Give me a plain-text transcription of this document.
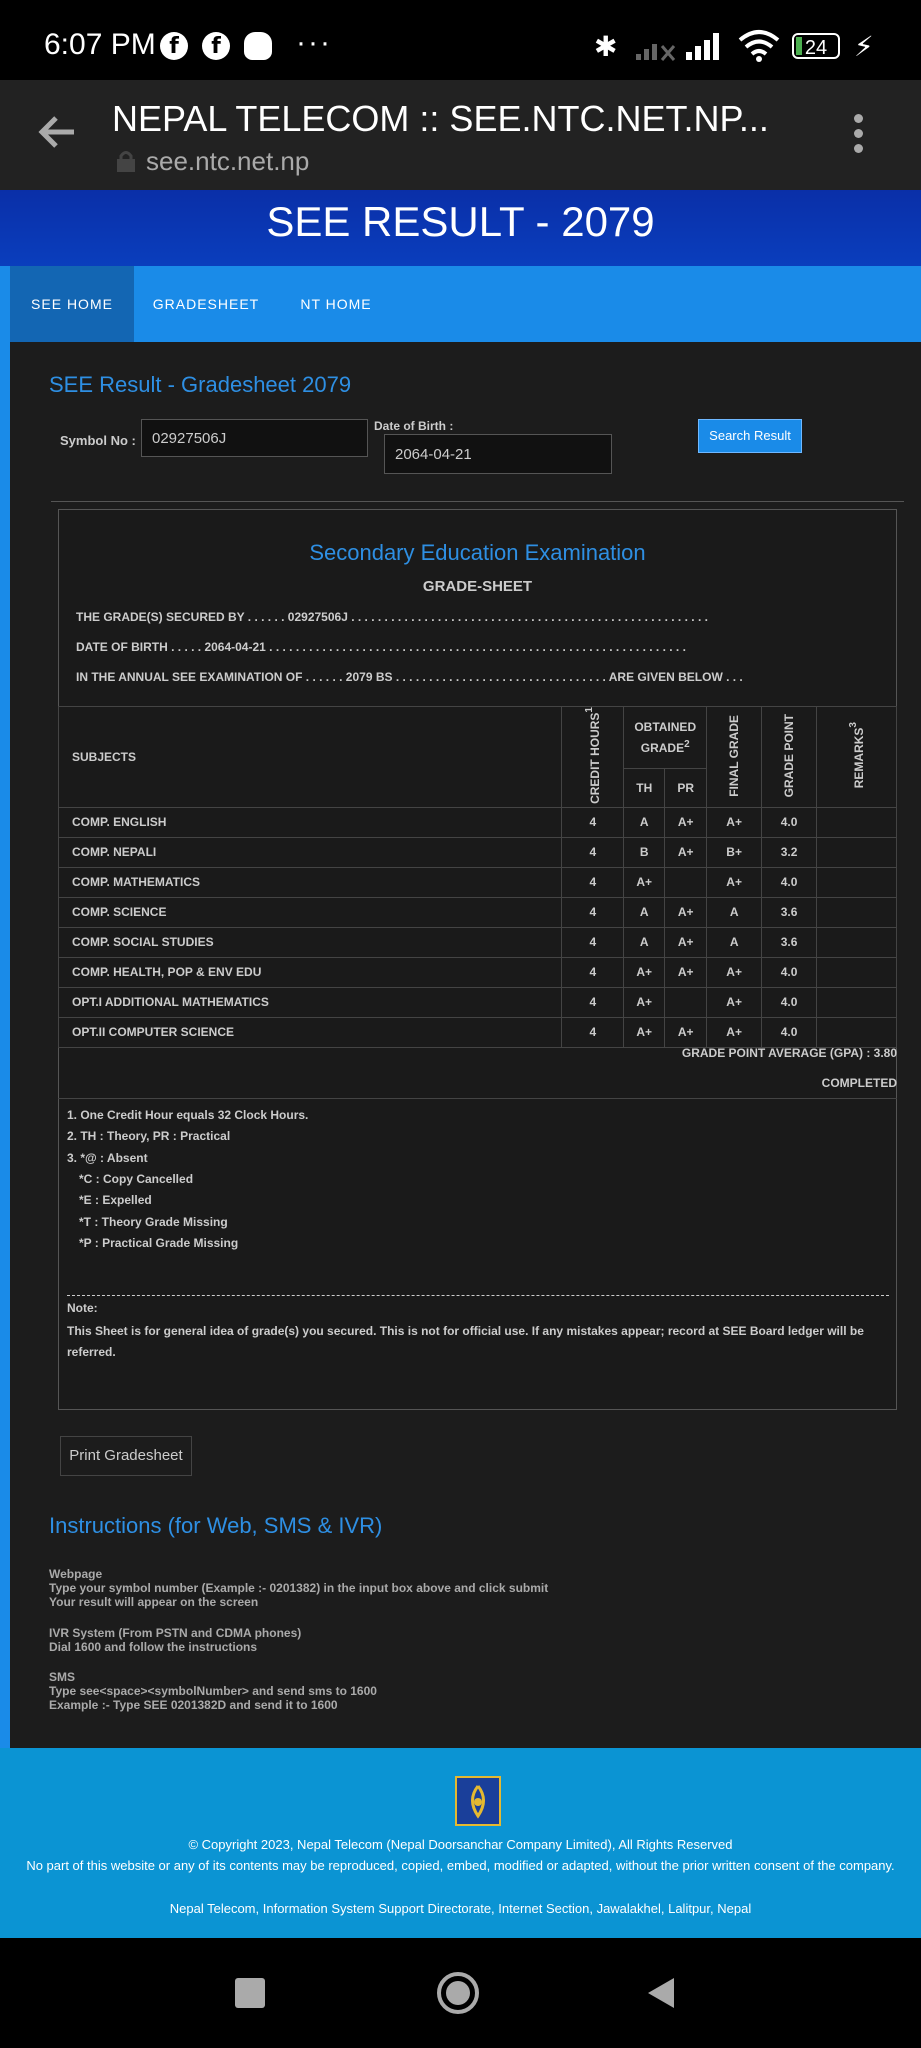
6:07 PM f	f	···	✱	24 ⚡
NEPAL TELECOM :: SEE.NTC.NET.NP...
see.ntc.net.np
SEE RESULT - 2079
SEE HOME	GRADESHEET	NT HOME
SEE Result - Gradesheet 2079
Symbol No :
02927506J
Date of Birth :
2064-04-21
Search Result
Secondary Education Examination
GRADE-SHEET
THE GRADE(S) SECURED BY . . . . . . 02927506J . . . . . . . . . . . . . . . . . . . . . . . . . . . . . . . . . . . . . . . . . . . . . . . . . . . . . .
DATE OF BIRTH . . . . . 2064-04-21 . . . . . . . . . . . . . . . . . . . . . . . . . . . . . . . . . . . . . . . . . . . . . . . . . . . . . . . . . . . . . . .
IN THE ANNUAL SEE EXAMINATION OF . . . . . . 2079 BS . . . . . . . . . . . . . . . . . . . . . . . . . . . . . . . . ARE GIVEN BELOW . . .
SUBJECTS	CREDIT HOURS$^1$	OBTAINED GRADE$^2$		FINAL GRADE	GRADE POINT	REMARKS$^3$
		TH	PR			
COMP. ENGLISH	4	A	A+	A+	4.0	
COMP. NEPALI	4	B	A+	B+	3.2	
COMP. MATHEMATICS	4	A+		A+	4.0	
COMP. SCIENCE	4	A	A+	A	3.6	
COMP. SOCIAL STUDIES	4	A	A+	A	3.6	
COMP. HEALTH, POP & ENV EDU	4	A+	A+	A+	4.0	
OPT.I ADDITIONAL MATHEMATICS	4	A+		A+	4.0	
OPT.II COMPUTER SCIENCE	4	A+	A+	A+	4.0	
GRADE POINT AVERAGE (GPA) : 3.80
COMPLETED
1. One Credit Hour equals 32 Clock Hours.
2. TH : Theory, PR : Practical
3. *@ : Absent
*C : Copy Cancelled
*E : Expelled
*T : Theory Grade Missing
*P : Practical Grade Missing
Note:
This Sheet is for general idea of grade(s) you secured. This is not for official use. If any mistakes appear; record at SEE Board ledger will be referred.
Print Gradesheet
Instructions (for Web, SMS & IVR)
Webpage
Type your symbol number (Example :- 0201382) in the input box above and click submit
Your result will appear on the screen
IVR System (From PSTN and CDMA phones)
Dial 1600 and follow the instructions
SMS
Type see<space><symbolNumber> and send sms to 1600
Example :- Type SEE 0201382D and send it to 1600
© Copyright 2023, Nepal Telecom (Nepal Doorsanchar Company Limited), All Rights Reserved
No part of this website or any of its contents may be reproduced, copied, embed, modified or adapted, without the prior written consent of the company.
Nepal Telecom, Information System Support Directorate, Internet Section, Jawalakhel, Lalitpur, Nepal
